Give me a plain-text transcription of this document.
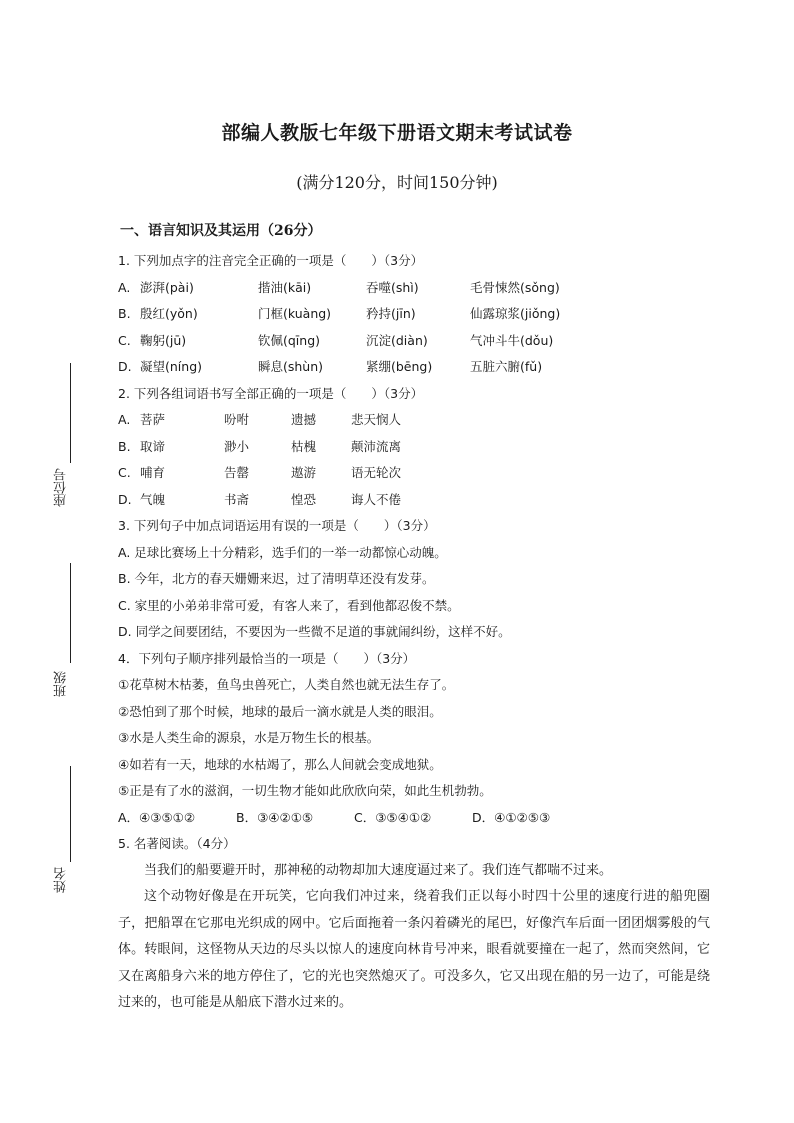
座位号
班级
姓名
部编人教版七年级下册语文期末考试试卷
(满分120分，时间150分钟)
一、语言知识及其运用（26分）
1. 下列加点字的注音完全正确的一项是（　　）（3分）
A. 澎湃(pài)	揩油(kāi)	吞噬(shì)	毛骨悚然(sǒng)
B. 殷红(yǒn)	门框(kuàng)	矜持(jīn)	仙露琼浆(jiǒng)
C. 鞠躬(jū)	钦佩(qīng)	沉淀(diàn)	气冲斗牛(dǒu)
D. 凝望(níng)	瞬息(shùn)	紧绷(bēng)	五脏六腑(fǔ)
2. 下列各组词语书写全部正确的一项是（　　）（3分）
A. 菩萨	吩咐	遗撼	悲天悯人
B. 取谛	渺小	枯槐	颠沛流离
C. 哺育	告罄	遨游	语无轮次
D. 气魄	书斋	惶恐	诲人不倦
3. 下列句子中加点词语运用有误的一项是（　　）（3分）
A. 足球比赛场上十分精彩，选手们的一举一动都惊心动魄。
B. 今年，北方的春天姗姗来迟，过了清明草还没有发芽。
C. 家里的小弟弟非常可爱，有客人来了，看到他都忍俊不禁。
D. 同学之间要团结，不要因为一些微不足道的事就闹纠纷，这样不好。
4．下列句子顺序排列最恰当的一项是（　　）（3分）
①花草树木枯萎，鱼鸟虫兽死亡，人类自然也就无法生存了。
②恐怕到了那个时候，地球的最后一滴水就是人类的眼泪。
③水是人类生命的源泉，水是万物生长的根基。
④如若有一天，地球的水枯竭了，那么人间就会变成地狱。
⑤正是有了水的滋润，一切生物才能如此欣欣向荣，如此生机勃勃。
A．④③⑤①②	B．③④②①⑤	C．③⑤④①②	D．④①②⑤③
5. 名著阅读。（4分）
当我们的船要避开时，那神秘的动物却加大速度逼过来了。我们连气都喘不过来。
这个动物好像是在开玩笑，它向我们冲过来，绕着我们正以每小时四十公里的速度行进的船兜圈子，把船罩在它那电光织成的网中。它后面拖着一条闪着磷光的尾巴，好像汽车后面一团团烟雾般的气体。转眼间，这怪物从天边的尽头以惊人的速度向林肯号冲来，眼看就要撞在一起了，然而突然间，它又在离船身六米的地方停住了，它的光也突然熄灭了。可没多久，它又出现在船的另一边了，可能是绕过来的，也可能是从船底下潜水过来的。
